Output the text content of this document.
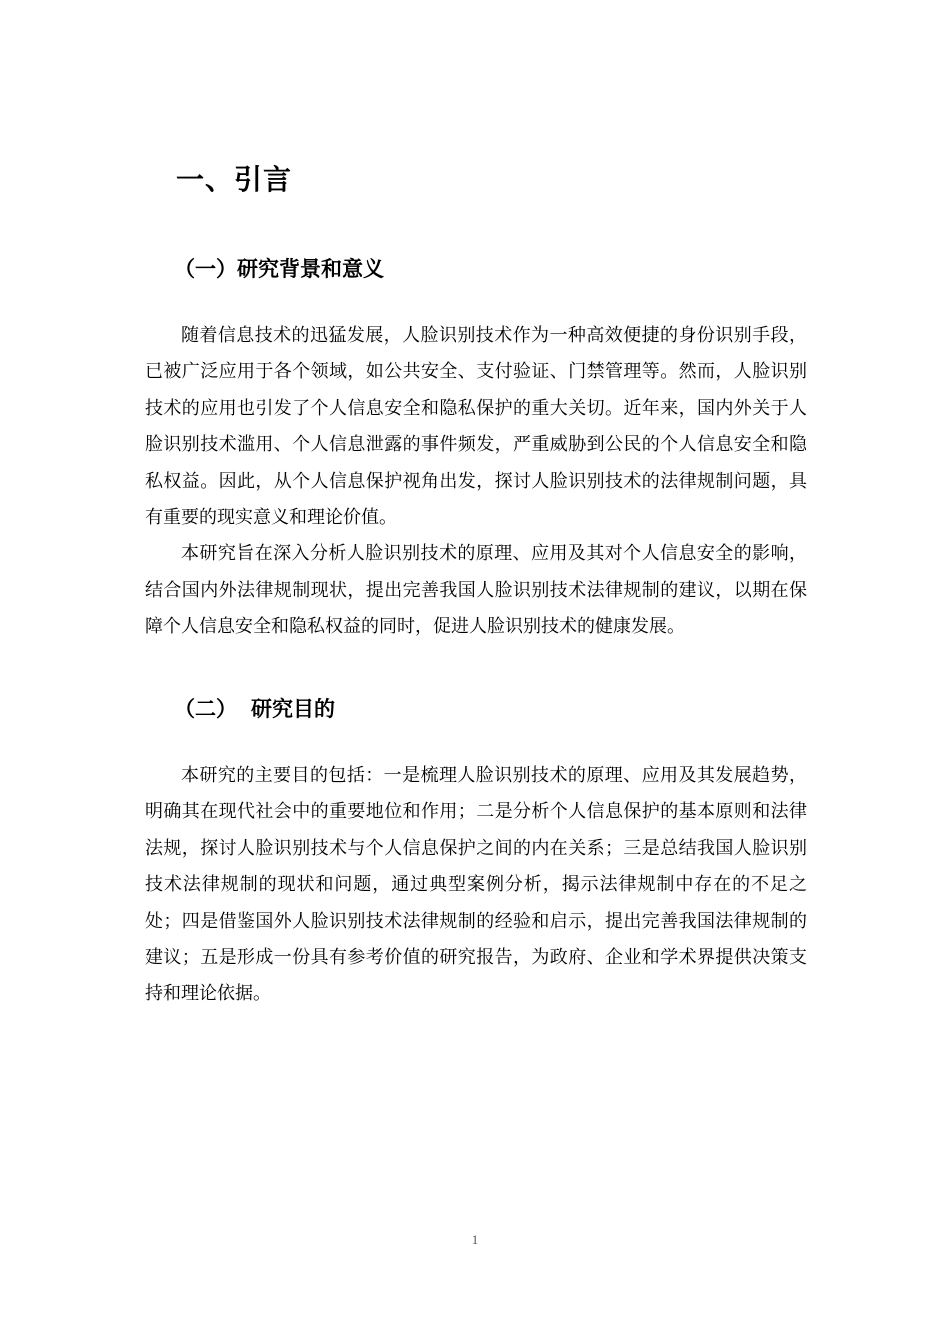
一、引言
（一）研究背景和意义

随着信息技术的迅猛发展，人脸识别技术作为一种高效便捷的身份识别手段，已被广泛应用于各个领域，如公共安全、支付验证、门禁管理等。然而，人脸识别技术的应用也引发了个人信息安全和隐私保护的重大关切。近年来，国内外关于人脸识别技术滥用、个人信息泄露的事件频发，严重威胁到公民的个人信息安全和隐私权益。因此，从个人信息保护视角出发，探讨人脸识别技术的法律规制问题，具有重要的现实意义和理论价值。

本研究旨在深入分析人脸识别技术的原理、应用及其对个人信息安全的影响，结合国内外法律规制现状，提出完善我国人脸识别技术法律规制的建议，以期在保障个人信息安全和隐私权益的同时，促进人脸识别技术的健康发展。

（二） 研究目的

本研究的主要目的包括：一是梳理人脸识别技术的原理、应用及其发展趋势，明确其在现代社会中的重要地位和作用；二是分析个人信息保护的基本原则和法律法规，探讨人脸识别技术与个人信息保护之间的内在关系；三是总结我国人脸识别技术法律规制的现状和问题，通过典型案例分析，揭示法律规制中存在的不足之处；四是借鉴国外人脸识别技术法律规制的经验和启示，提出完善我国法律规制的建议；五是形成一份具有参考价值的研究报告，为政府、企业和学术界提供决策支持和理论依据。

1
